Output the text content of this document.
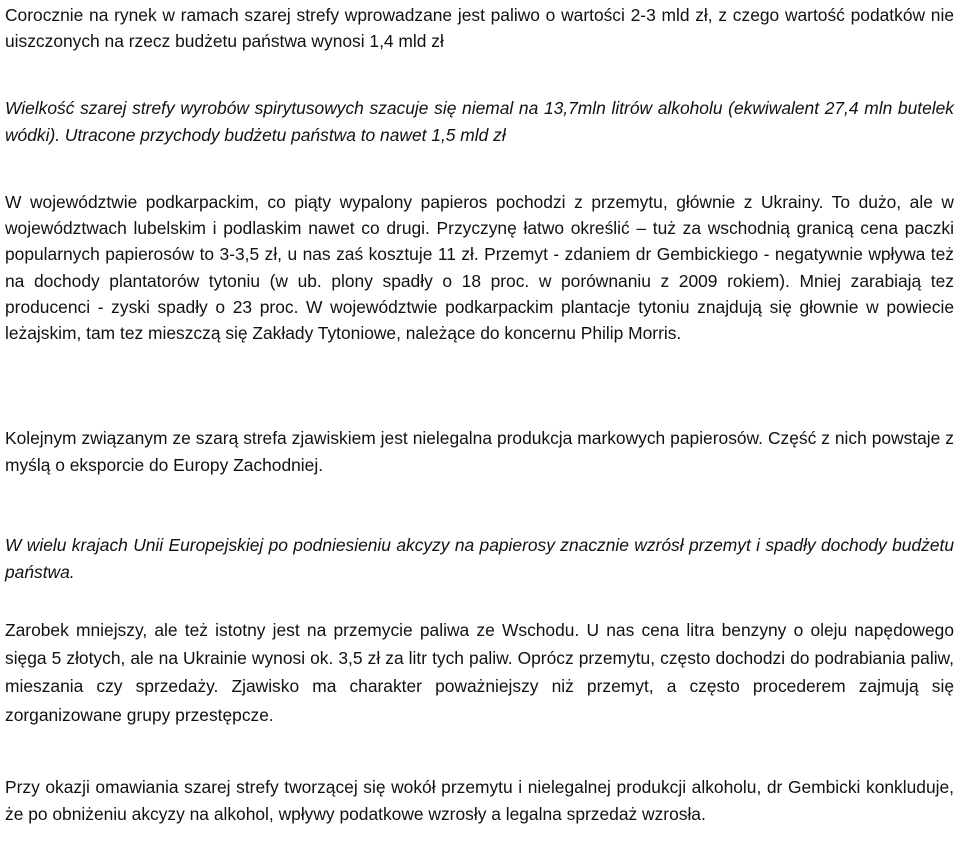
Corocznie na rynek w ramach szarej strefy wprowadzane jest paliwo o wartości 2-3 mld zł, z czego wartość podatków nie uiszczonych na rzecz budżetu państwa wynosi 1,4 mld zł

Wielkość szarej strefy wyrobów spirytusowych szacuje się niemal na 13,7mln litrów alkoholu (ekwiwalent 27,4 mln butelek wódki). Utracone przychody budżetu państwa to nawet 1,5 mld zł

W województwie podkarpackim, co piąty wypalony papieros pochodzi z przemytu, głównie z Ukrainy. To dużo, ale w województwach lubelskim i podlaskim nawet co drugi. Przyczynę łatwo określić – tuż za wschodnią granicą cena paczki popularnych papierosów to 3-3,5 zł, u nas zaś kosztuje 11 zł. Przemyt - zdaniem dr Gembickiego - negatywnie wpływa też na dochody plantatorów tytoniu (w ub. plony spadły o 18 proc. w porównaniu z 2009 rokiem). Mniej zarabiają tez producenci - zyski spadły o 23 proc. W województwie podkarpackim plantacje tytoniu znajdują się głownie w powiecie leżajskim, tam tez mieszczą się Zakłady Tytoniowe, należące do koncernu Philip Morris.

Kolejnym związanym ze szarą strefa zjawiskiem jest nielegalna produkcja markowych papierosów. Część z nich powstaje z myślą o eksporcie do Europy Zachodniej.

W wielu krajach Unii Europejskiej po podniesieniu akcyzy na papierosy znacznie wzrósł przemyt i spadły dochody budżetu państwa.

Zarobek mniejszy, ale też istotny jest na przemycie paliwa ze Wschodu. U nas cena litra benzyny o oleju napędowego sięga 5 złotych, ale na Ukrainie wynosi ok. 3,5 zł za litr tych paliw. Oprócz przemytu, często dochodzi do podrabiania paliw, mieszania czy sprzedaży. Zjawisko ma charakter poważniejszy niż przemyt, a często procederem zajmują się zorganizowane grupy przestępcze.

Przy okazji omawiania szarej strefy tworzącej się wokół przemytu i nielegalnej produkcji alkoholu, dr Gembicki konkluduje, że po obniżeniu akcyzy na alkohol, wpływy podatkowe wzrosły a legalna sprzedaż wzrosła.
